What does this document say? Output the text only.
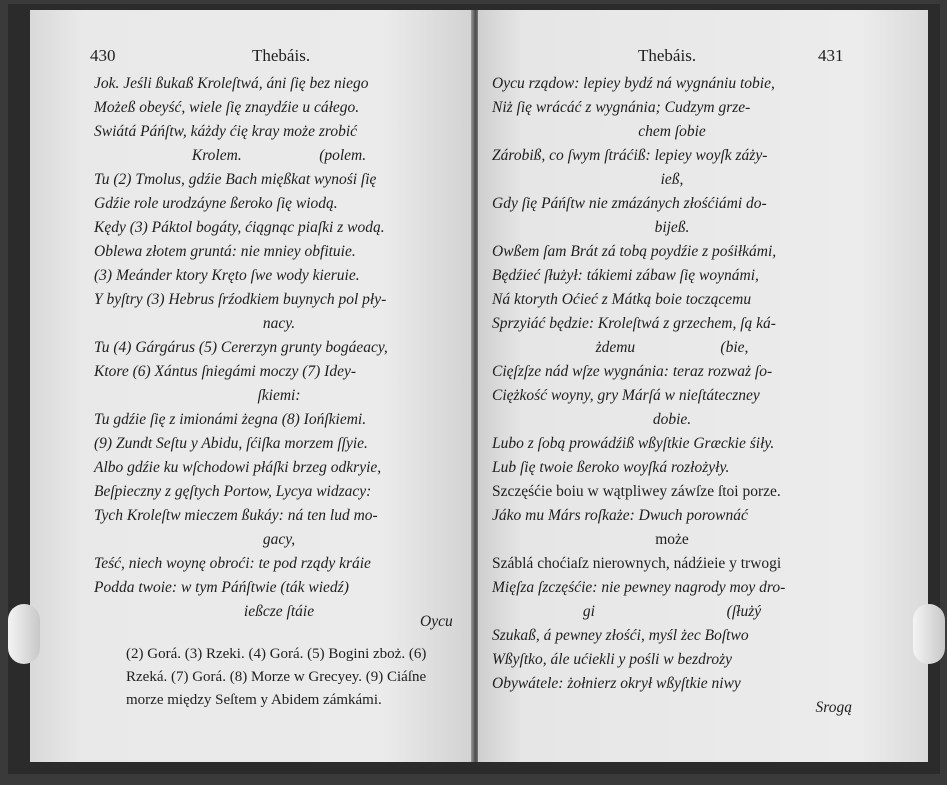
430	Thebáis.
Jok. Jeśli ßukaß Kroleſtwá, áni ſię bez niego
Możeß obeyść, wiele ſię znaydźie u cáłego.
Swiátá Páńſtw, káżdy ćię kray może zrobić
Krolem.                    (polem.
Tu (2) Tmolus, gdźie Bach mięßkat wynośi ſię
Gdźie role urodzáyne ßeroko ſię wiodą.
Kędy (3) Páktol bogáty, ćiągnąc piaſki z wodą.
Oblewa złotem gruntá: nie mniey obfituie.
(3) Meánder ktory Kręto ſwe wody kieruie.
Y byſtry (3) Hebrus ſrźodkiem buynych pol pły-
nacy.
Tu (4) Gárgárus (5) Cererzyn grunty bogáeacy,
Ktore (6) Xántus ſniegámi moczy (7) Idey-
ſkiemi:
Tu gdźie ſię z imionámi żegna (8) Iońſkiemi.
(9) Zundt Seſtu y Abidu, ſćiſka morzem ſſyie.
Albo gdźie ku wſchodowi płáſki brzeg odkryie,
Beſpieczny z gęſtych Portow, Lycya widzacy:
Tych Kroleſtw mieczem ßukáy: ná ten lud mo-
gacy,
Teść, niech woynę obroći: te pod rządy kráie
Podda twoie: w tym Páńſtwie (ták wiedź)
ießcze ſtáie
Oycu
(2) Gorá. (3) Rzeki. (4) Gorá. (5) Bogini zboż. (6) Rzeká. (7) Gorá. (8) Morze w Grecyey. (9) Ciáſne morze między Seſtem y Abidem zámkámi.
Thebáis.	431
Oycu rządow: lepiey bydź ná wygnániu tobie,
Niż ſię wrácáć z wygnánia; Cudzym grze-
chem ſobie
Zárobiß, co ſwym ſtráćiß: lepiey woyſk záży-
ieß,
Gdy ſię Páńſtw nie zmázánych złośćiámi do-
bijeß.
Owßem ſam Brát zá tobą poydźie z pośiłkámi,
Będźieć ſłużył: tákiemi zábaw ſię woynámi,
Ná ktoryth Oćieć z Mátką boie toczącemu
Sprzyiáć będzie: Kroleſtwá z grzechem, ſą ká-
żdemu                      (bie,
Cięſzſze nád wſze wygnánia: teraz rozważ ſo-
Ciężkość woyny, gry Márſá w nieſtáteczney
dobie.
Lubo z ſobą prowádźiß wßyſtkie Græckie śiły.
Lub ſię twoie ßeroko woyſká rozłożyły.
Szczęśćie boiu w wątpliwey záwſze ſtoi porze.
Jáko mu Márs roſkaże: Dwuch porownáć
może
Száblá choćiaſz nierownych, nádźieie y trwogi
Mięſza ſzczęśćie: nie pewney nagrody moy dro-
gi                                  (ſłużý
Szukaß, á pewney złośći, myśl żec Boſtwo
Wßyſtko, ále ućiekli y pośli w bezdroży
Obywátele: żołnierz okrył wßyſtkie niwy
Srogą
